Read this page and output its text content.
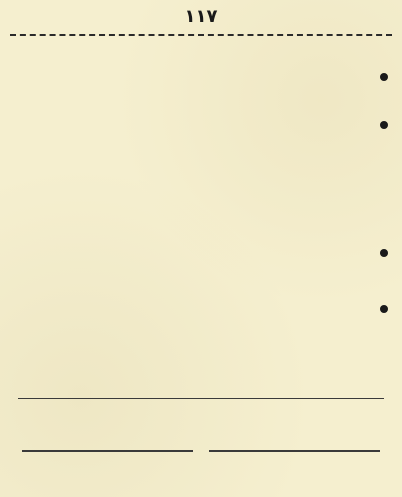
۱۱۷
